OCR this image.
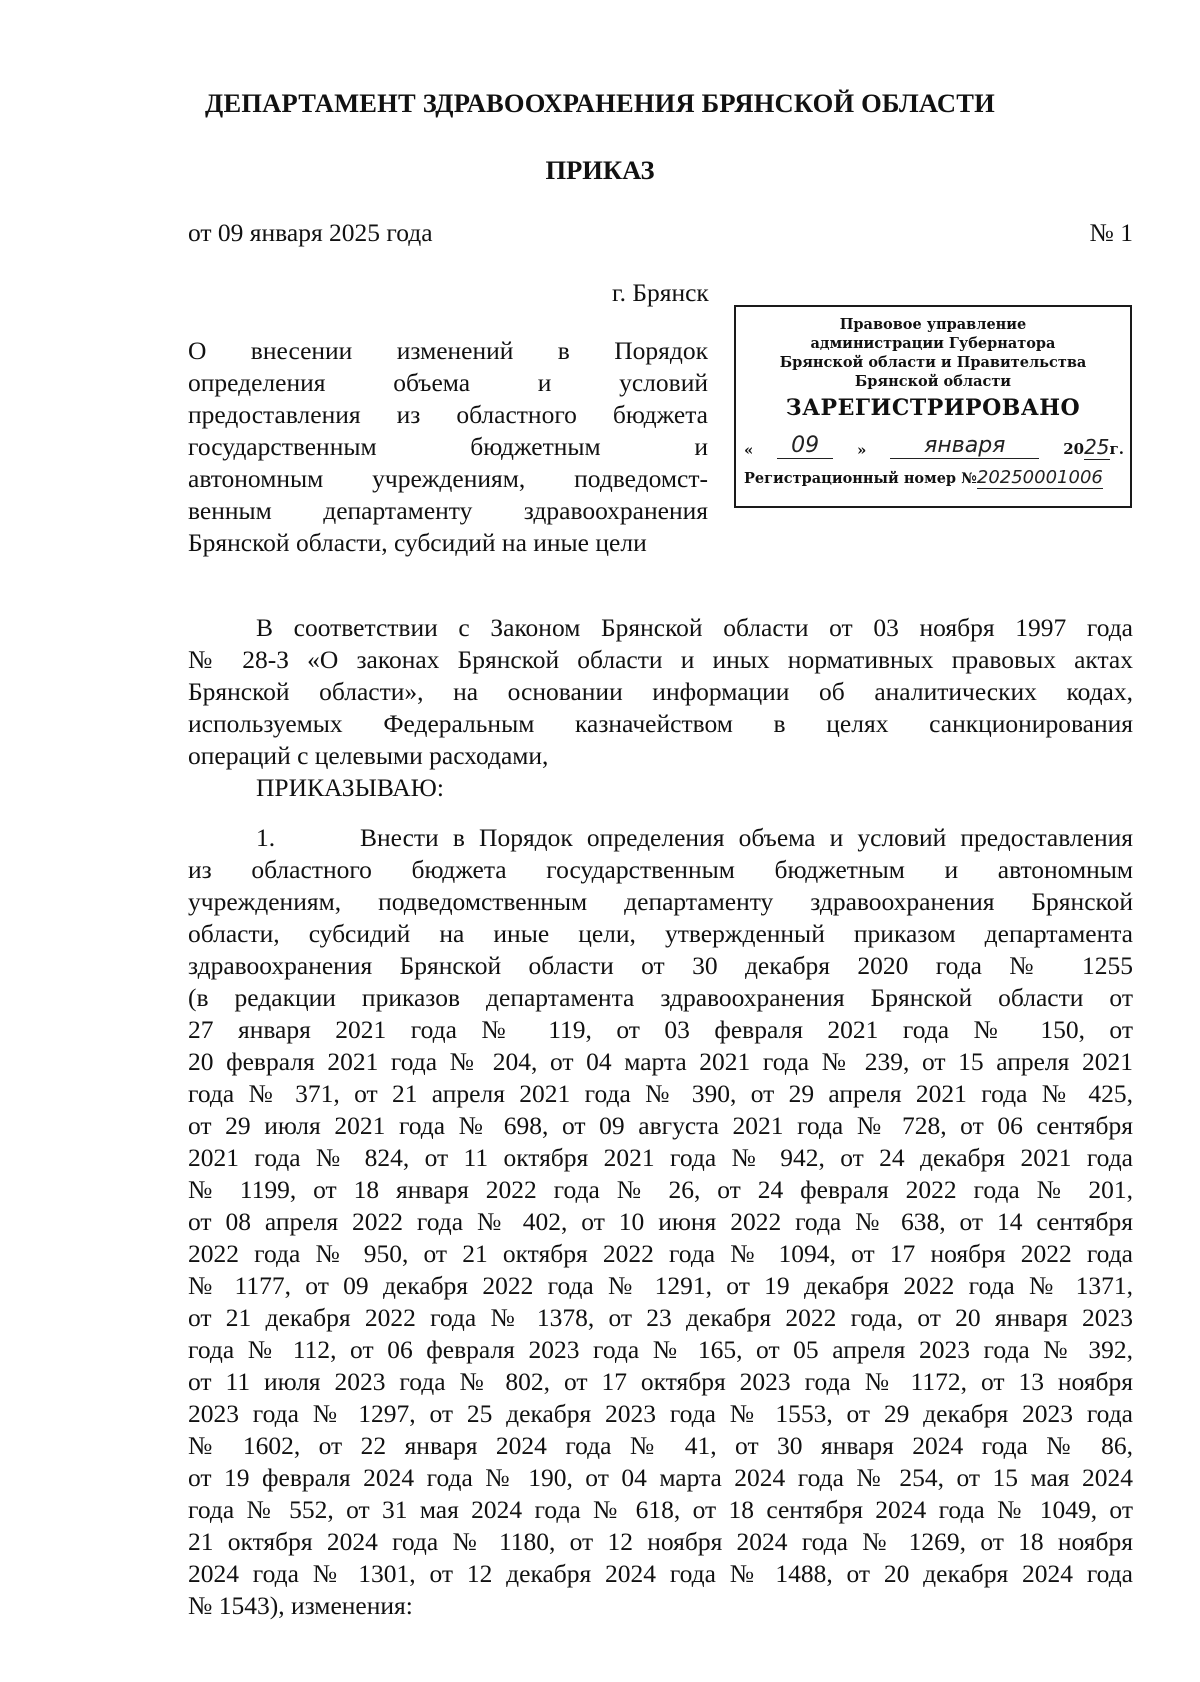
ДЕПАРТАМЕНТ ЗДРАВООХРАНЕНИЯ БРЯНСКОЙ ОБЛАСТИ
ПРИКАЗ
от 09 января 2025 года	№ 1
г. Брянск
О внесении изменений в Порядок
определения объема и условий
предоставления из областного бюджета
государственным бюджетным и
автономным учреждениям, подведомст-
венным департаменту здравоохранения
Брянской области, субсидий на иные цели
Правовое управление
администрации Губернатора
Брянской области и Правительства
Брянской области
ЗАРЕГИСТРИРОВАНО
«	09	»	января	2025г.
Регистрационный номер №20250001006
В соответствии с Законом Брянской области от 03 ноября 1997 года
№ 28-З «О законах Брянской области и иных нормативных правовых актах
Брянской области», на основании информации об аналитических кодах,
используемых Федеральным казначейством в целях санкционирования
операций с целевыми расходами,
ПРИКАЗЫВАЮ:
1.      Внести в Порядок определения объема и условий предоставления
из областного бюджета государственным бюджетным и автономным
учреждениям, подведомственным департаменту здравоохранения Брянской
области, субсидий на иные цели, утвержденный приказом департамента
здравоохранения Брянской области от 30 декабря 2020 года № 1255
(в редакции приказов департамента здравоохранения Брянской области от
27 января 2021 года № 119, от 03 февраля 2021 года № 150, от
20 февраля 2021 года № 204, от 04 марта 2021 года № 239, от 15 апреля 2021
года № 371, от 21 апреля 2021 года № 390, от 29 апреля 2021 года № 425,
от 29 июля 2021 года № 698, от 09 августа 2021 года № 728, от 06 сентября
2021 года № 824, от 11 октября 2021 года № 942, от 24 декабря 2021 года
№ 1199, от 18 января 2022 года № 26, от 24 февраля 2022 года № 201,
от 08 апреля 2022 года № 402, от 10 июня 2022 года № 638, от 14 сентября
2022 года № 950, от 21 октября 2022 года № 1094, от 17 ноября 2022 года
№ 1177, от 09 декабря 2022 года № 1291, от 19 декабря 2022 года № 1371,
от 21 декабря 2022 года № 1378, от 23 декабря 2022 года, от 20 января 2023
года № 112, от 06 февраля 2023 года № 165, от 05 апреля 2023 года № 392,
от 11 июля 2023 года № 802, от 17 октября 2023 года № 1172, от 13 ноября
2023 года № 1297, от 25 декабря 2023 года № 1553, от 29 декабря 2023 года
№ 1602, от 22 января 2024 года № 41, от 30 января 2024 года № 86,
от 19 февраля 2024 года № 190, от 04 марта 2024 года № 254, от 15 мая 2024
года № 552, от 31 мая 2024 года № 618, от 18 сентября 2024 года № 1049, от
21 октября 2024 года № 1180, от 12 ноября 2024 года № 1269, от 18 ноября
2024 года № 1301, от 12 декабря 2024 года № 1488, от 20 декабря 2024 года
№ 1543), изменения:
